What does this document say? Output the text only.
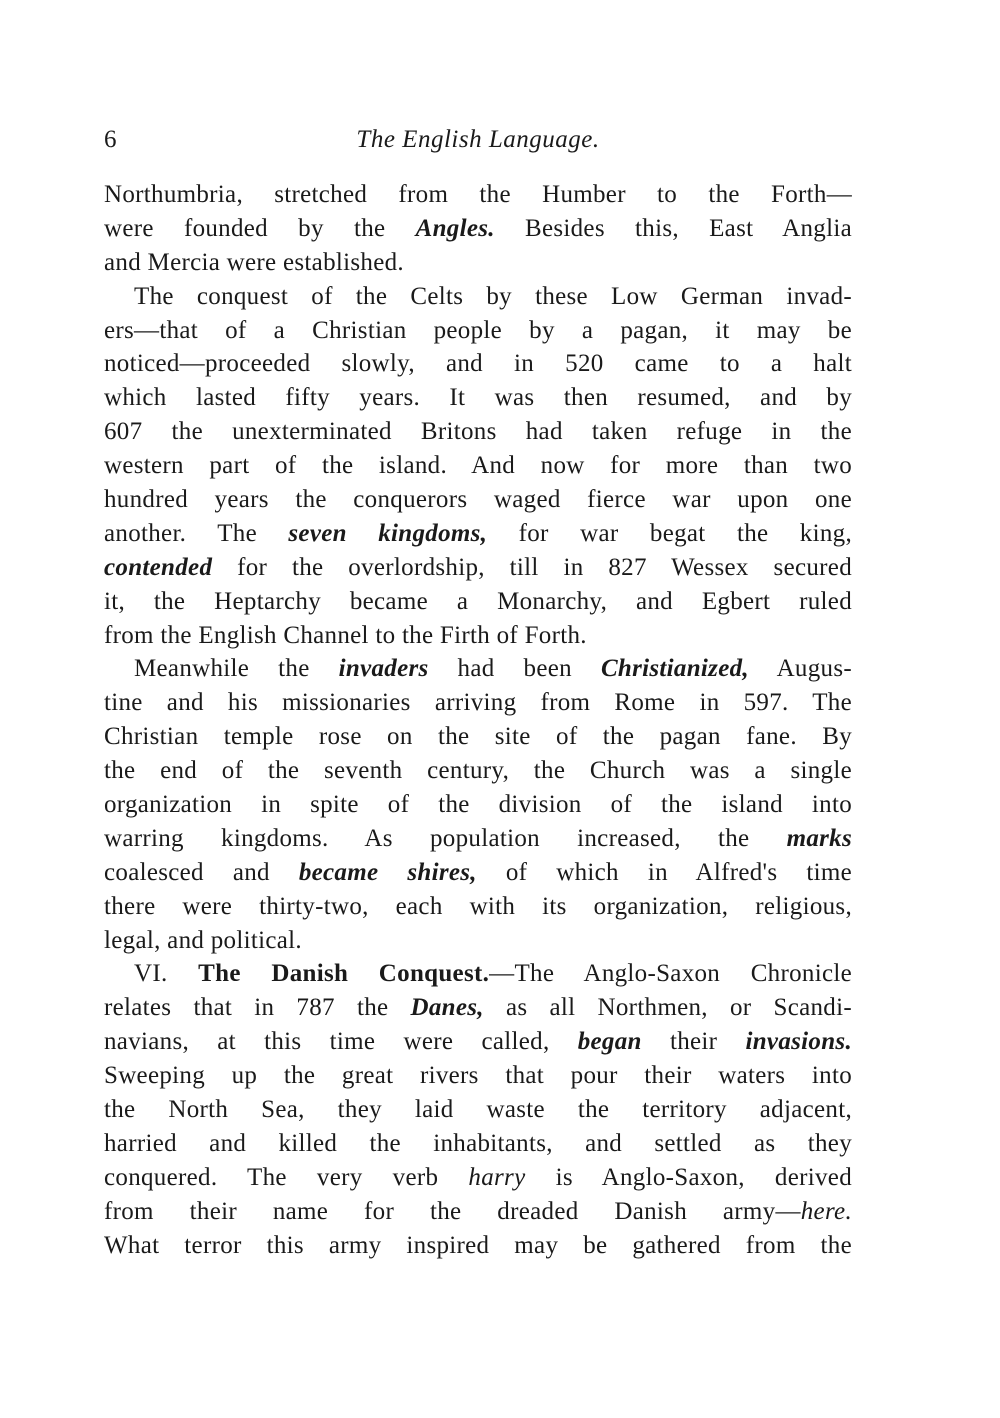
6	The English Language.
Northumbria, stretched from the Humber to the Forth—
were founded by the Angles. Besides this, East Anglia
and Mercia were established.
The conquest of the Celts by these Low German invad-
ers—that of a Christian people by a pagan, it may be
noticed—proceeded slowly, and in 520 came to a halt
which lasted fifty years. It was then resumed, and by
607 the unexterminated Britons had taken refuge in the
western part of the island. And now for more than two
hundred years the conquerors waged fierce war upon one
another. The seven kingdoms, for war begat the king,
contended for the overlordship, till in 827 Wessex secured
it, the Heptarchy became a Monarchy, and Egbert ruled
from the English Channel to the Firth of Forth.
Meanwhile the invaders had been Christianized, Augus-
tine and his missionaries arriving from Rome in 597. The
Christian temple rose on the site of the pagan fane. By
the end of the seventh century, the Church was a single
organization in spite of the division of the island into
warring kingdoms. As population increased, the marks
coalesced and became shires, of which in Alfred's time
there were thirty-two, each with its organization, religious,
legal, and political.
VI. The Danish Conquest.—The Anglo-Saxon Chronicle
relates that in 787 the Danes, as all Northmen, or Scandi-
navians, at this time were called, began their invasions.
Sweeping up the great rivers that pour their waters into
the North Sea, they laid waste the territory adjacent,
harried and killed the inhabitants, and settled as they
conquered. The very verb harry is Anglo-Saxon, derived
from their name for the dreaded Danish army—here.
What terror this army inspired may be gathered from the
